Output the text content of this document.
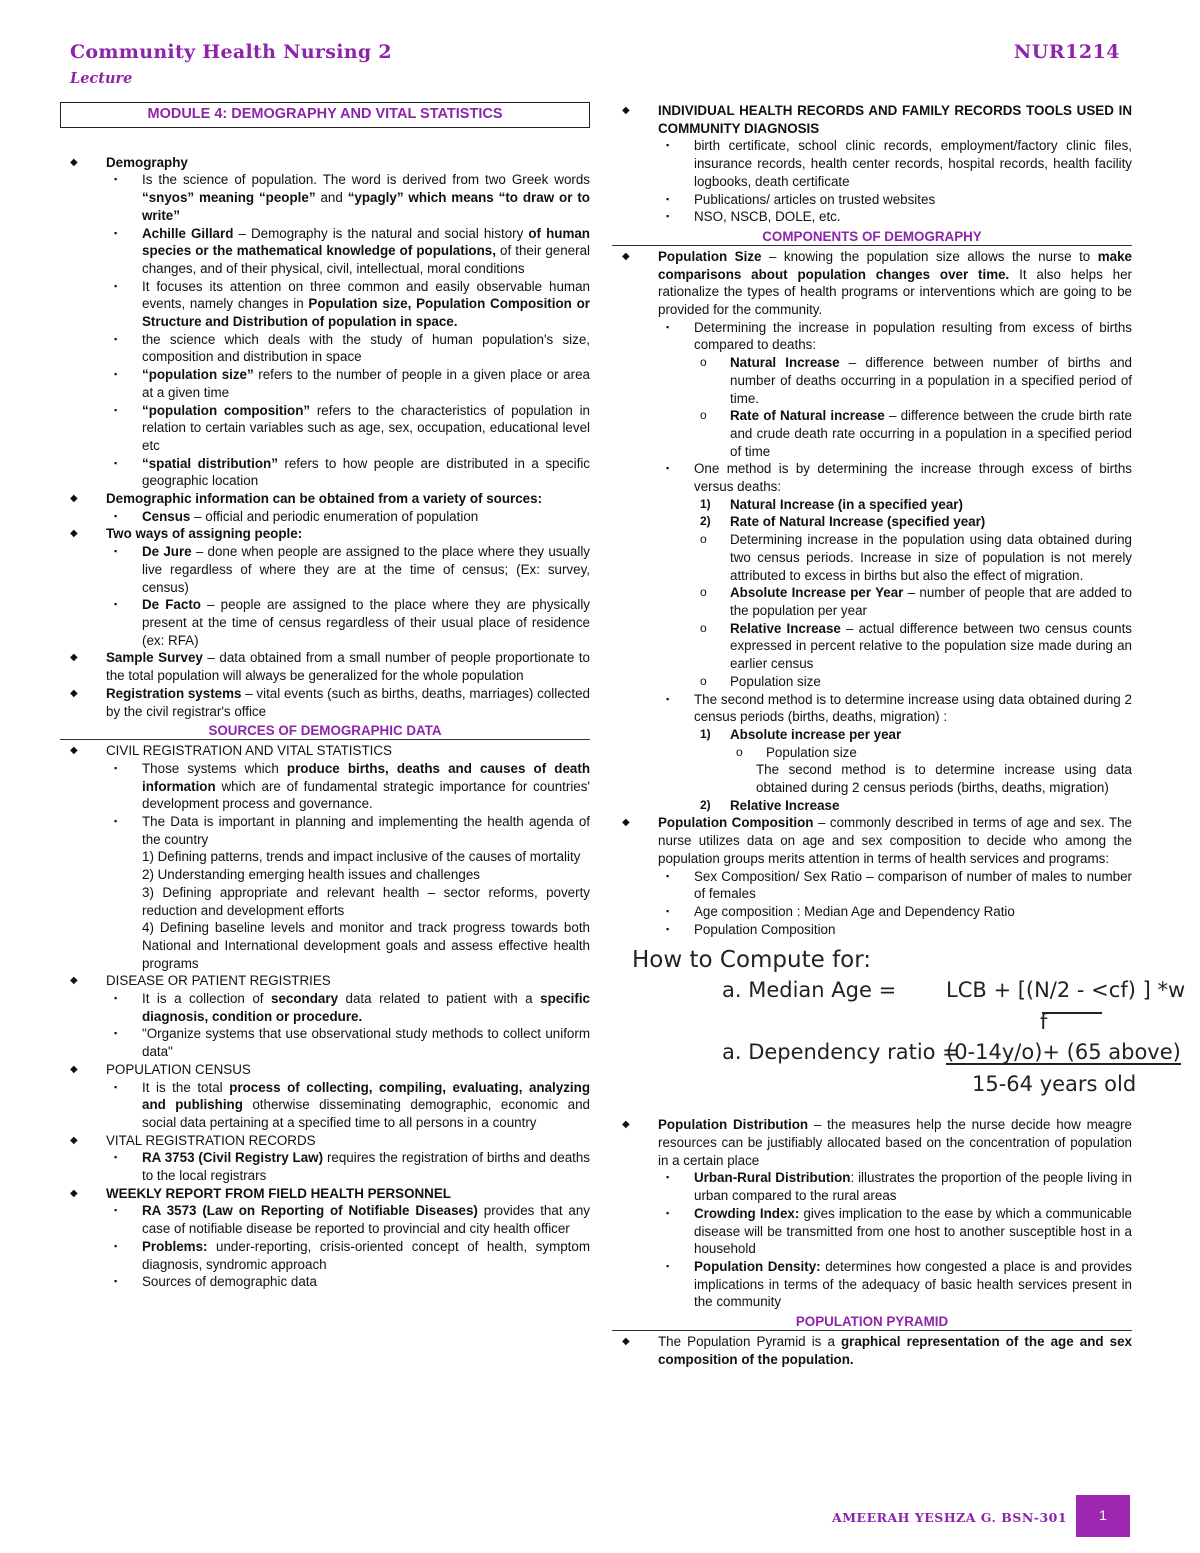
Community Health Nursing 2
Lecture
NUR1214
MODULE 4: DEMOGRAPHY AND VITAL STATISTICS
◆	Demography
▪	Is the science of population. The word is derived from two Greek words “snyos” meaning “people” and “ypagly” which means “to draw or to write”
▪	Achille Gillard – Demography is the natural and social history of human species or the mathematical knowledge of populations, of their general changes, and of their physical, civil, intellectual, moral conditions
▪	It focuses its attention on three common and easily observable human events, namely changes in Population size, Population Composition or Structure and Distribution of population in space.
▪	the science which deals with the study of human population's size, composition and distribution in space
▪	“population size” refers to the number of people in a given place or area at a given time
▪	“population composition” refers to the characteristics of population in relation to certain variables such as age, sex, occupation, educational level etc
▪	“spatial distribution” refers to how people are distributed in a specific geographic location
◆	Demographic information can be obtained from a variety of sources:
▪	Census – official and periodic enumeration of population
◆	Two ways of assigning people:
▪	De Jure – done when people are assigned to the place where they usually live regardless of where they are at the time of census; (Ex: survey, census)
▪	De Facto – people are assigned to the place where they are physically present at the time of census regardless of their usual place of residence (ex: RFA)
◆	Sample Survey – data obtained from a small number of people proportionate to the total population will always be generalized for the whole population
◆	Registration systems – vital events (such as births, deaths, marriages) collected by the civil registrar's office
SOURCES OF DEMOGRAPHIC DATA
◆	CIVIL REGISTRATION AND VITAL STATISTICS
▪	Those systems which produce births, deaths and causes of death information which are of fundamental strategic importance for countries' development process and governance.
▪	The Data is important in planning and implementing the health agenda of the country
1) Defining patterns, trends and impact inclusive of the causes of mortality
2) Understanding emerging health issues and challenges
3) Defining appropriate and relevant health – sector reforms, poverty reduction and development efforts
4) Defining baseline levels and monitor and track progress towards both National and International development goals and assess effective health programs
◆	DISEASE OR PATIENT REGISTRIES
▪	It is a collection of secondary data related to patient with a specific diagnosis, condition or procedure.
▪	"Organize systems that use observational study methods to collect uniform data"
◆	POPULATION CENSUS
▪	It is the total process of collecting, compiling, evaluating, analyzing and publishing otherwise disseminating demographic, economic and social data pertaining at a specified time to all persons in a country
◆	VITAL REGISTRATION RECORDS
▪	RA 3753 (Civil Registry Law) requires the registration of births and deaths to the local registrars
◆	WEEKLY REPORT FROM FIELD HEALTH PERSONNEL
▪	RA 3573 (Law on Reporting of Notifiable Diseases) provides that any case of notifiable disease be reported to provincial and city health officer
▪	Problems: under-reporting, crisis-oriented concept of health, symptom diagnosis, syndromic approach
▪	Sources of demographic data
◆	INDIVIDUAL HEALTH RECORDS AND FAMILY RECORDS TOOLS USED IN COMMUNITY DIAGNOSIS
▪	birth certificate, school clinic records, employment/factory clinic files, insurance records, health center records, hospital records, health facility logbooks, death certificate
▪	Publications/ articles on trusted websites
▪	NSO, NSCB, DOLE, etc.
COMPONENTS OF DEMOGRAPHY
◆	Population Size – knowing the population size allows the nurse to make comparisons about population changes over time. It also helps her rationalize the types of health programs or interventions which are going to be provided for the community.
▪	Determining the increase in population resulting from excess of births compared to deaths:
o	Natural Increase – difference between number of births and number of deaths occurring in a population in a specified period of time.
o	Rate of Natural increase – difference between the crude birth rate and crude death rate occurring in a population in a specified period of time
▪	One method is by determining the increase through excess of births versus deaths:
1)	Natural Increase (in a specified year)
2)	Rate of Natural Increase (specified year)
o	Determining increase in the population using data obtained during two census periods. Increase in size of population is not merely attributed to excess in births but also the effect of migration.
o	Absolute Increase per Year – number of people that are added to the population per year
o	Relative Increase – actual difference between two census counts expressed in percent relative to the population size made during an earlier census
o	Population size
▪	The second method is to determine increase using data obtained during 2 census periods (births, deaths, migration) :
1)	Absolute increase per year
o	Population size
The second method is to determine increase using data obtained during 2 census periods (births, deaths, migration)
2)	Relative Increase
◆	Population Composition – commonly described in terms of age and sex. The nurse utilizes data on age and sex composition to decide who among the population groups merits attention in terms of health services and programs:
▪	Sex Composition/ Sex Ratio – comparison of number of males to number of females
▪	Age composition : Median Age and Dependency Ratio
▪	Population Composition
How to Compute for:
a. Median Age = LCB + [(N/2 - <cf) ] *w
f
a. Dependency ratio =
(0-14y/o)+ (65 above)
15-64 years old
◆	Population Distribution – the measures help the nurse decide how meagre resources can be justifiably allocated based on the concentration of population in a certain place
▪	Urban-Rural Distribution: illustrates the proportion of the people living in urban compared to the rural areas
▪	Crowding Index: gives implication to the ease by which a communicable disease will be transmitted from one host to another susceptible host in a household
▪	Population Density: determines how congested a place is and provides implications in terms of the adequacy of basic health services present in the community
POPULATION PYRAMID
◆	The Population Pyramid is a graphical representation of the age and sex composition of the population.
AMEERAH YESHZA G. BSN-301	1
